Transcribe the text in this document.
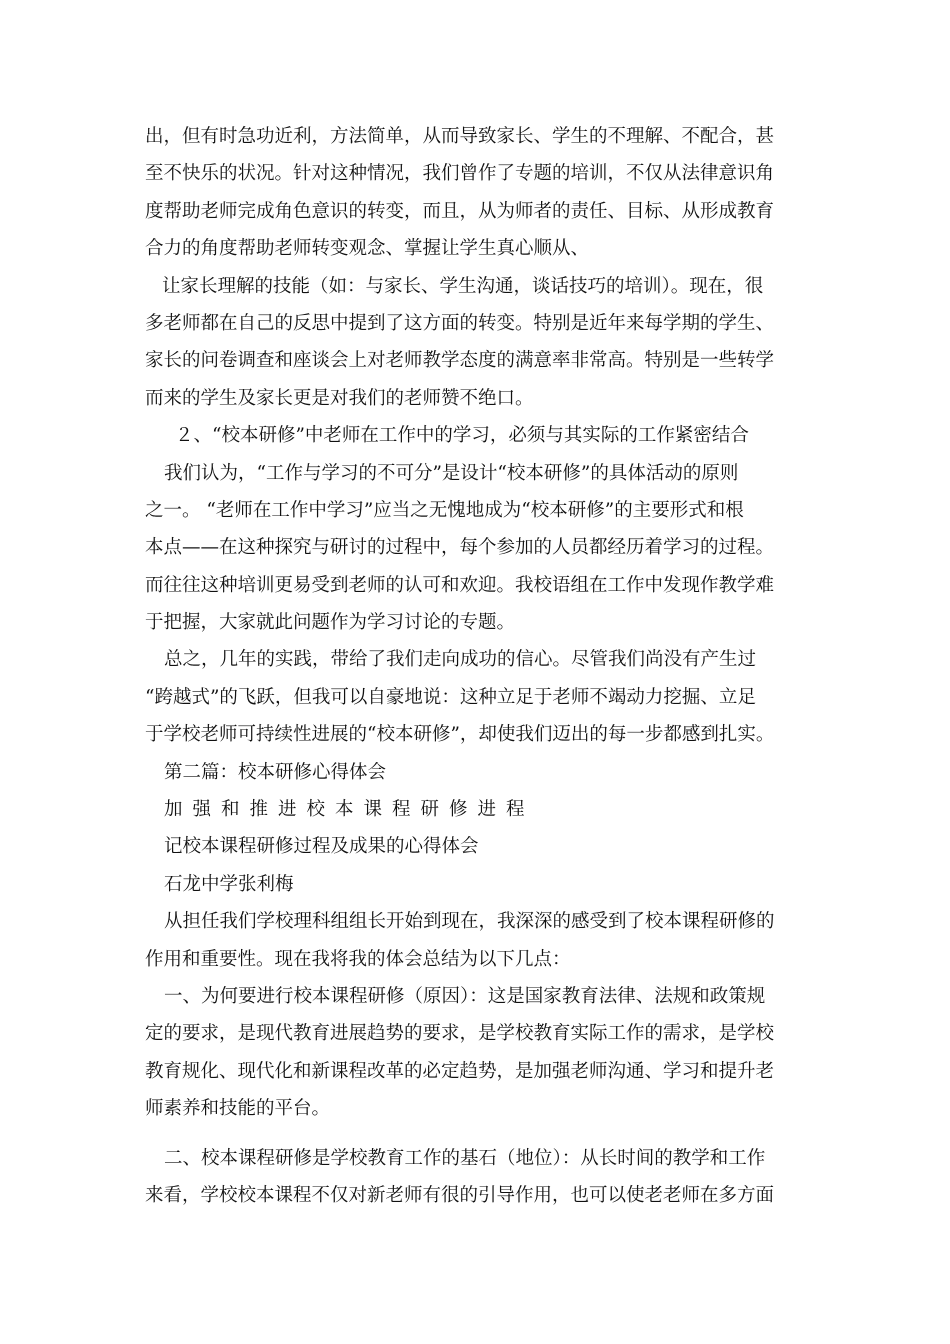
出，但有时急功近利，方法简单，从而导致家长、学生的不理解、不配合，甚
至不快乐的状况。针对这种情况，我们曾作了专题的培训，不仅从法律意识角
度帮助老师完成角色意识的转变，而且，从为师者的责任、目标、从形成教育
合力的角度帮助老师转变观念、掌握让学生真心顺从、
让家长理解的技能（如：与家长、学生沟通，谈话技巧的培训）。现在，很
多老师都在自己的反思中提到了这方面的转变。特别是近年来每学期的学生、
家长的问卷调查和座谈会上对老师教学态度的满意率非常高。特别是一些转学
而来的学生及家长更是对我们的老师赞不绝口。
２、“校本研修”中老师在工作中的学习，必须与其实际的工作紧密结合
我们认为，“工作与学习的不可分”是设计“校本研修”的具体活动的原则
之一。 “老师在工作中学习”应当之无愧地成为“校本研修”的主要形式和根
本点——在这种探究与研讨的过程中，每个参加的人员都经历着学习的过程。
而往往这种培训更易受到老师的认可和欢迎。我校语组在工作中发现作教学难
于把握，大家就此问题作为学习讨论的专题。
总之，几年的实践，带给了我们走向成功的信心。尽管我们尚没有产生过
“跨越式”的飞跃，但我可以自豪地说：这种立足于老师不竭动力挖掘、立足
于学校老师可持续性进展的“校本研修”，却使我们迈出的每一步都感到扎实。
第二篇：校本研修心得体会
加强和推进校本课程研修进程
记校本课程研修过程及成果的心得体会
石龙中学张利梅
从担任我们学校理科组组长开始到现在，我深深的感受到了校本课程研修的
作用和重要性。现在我将我的体会总结为以下几点：
一、为何要进行校本课程研修（原因）：这是国家教育法律、法规和政策规
定的要求，是现代教育进展趋势的要求，是学校教育实际工作的需求，是学校
教育规化、现代化和新课程改革的必定趋势，是加强老师沟通、学习和提升老
师素养和技能的平台。
二、校本课程研修是学校教育工作的基石（地位）：从长时间的教学和工作
来看，学校校本课程不仅对新老师有很的引导作用，也可以使老老师在多方面
